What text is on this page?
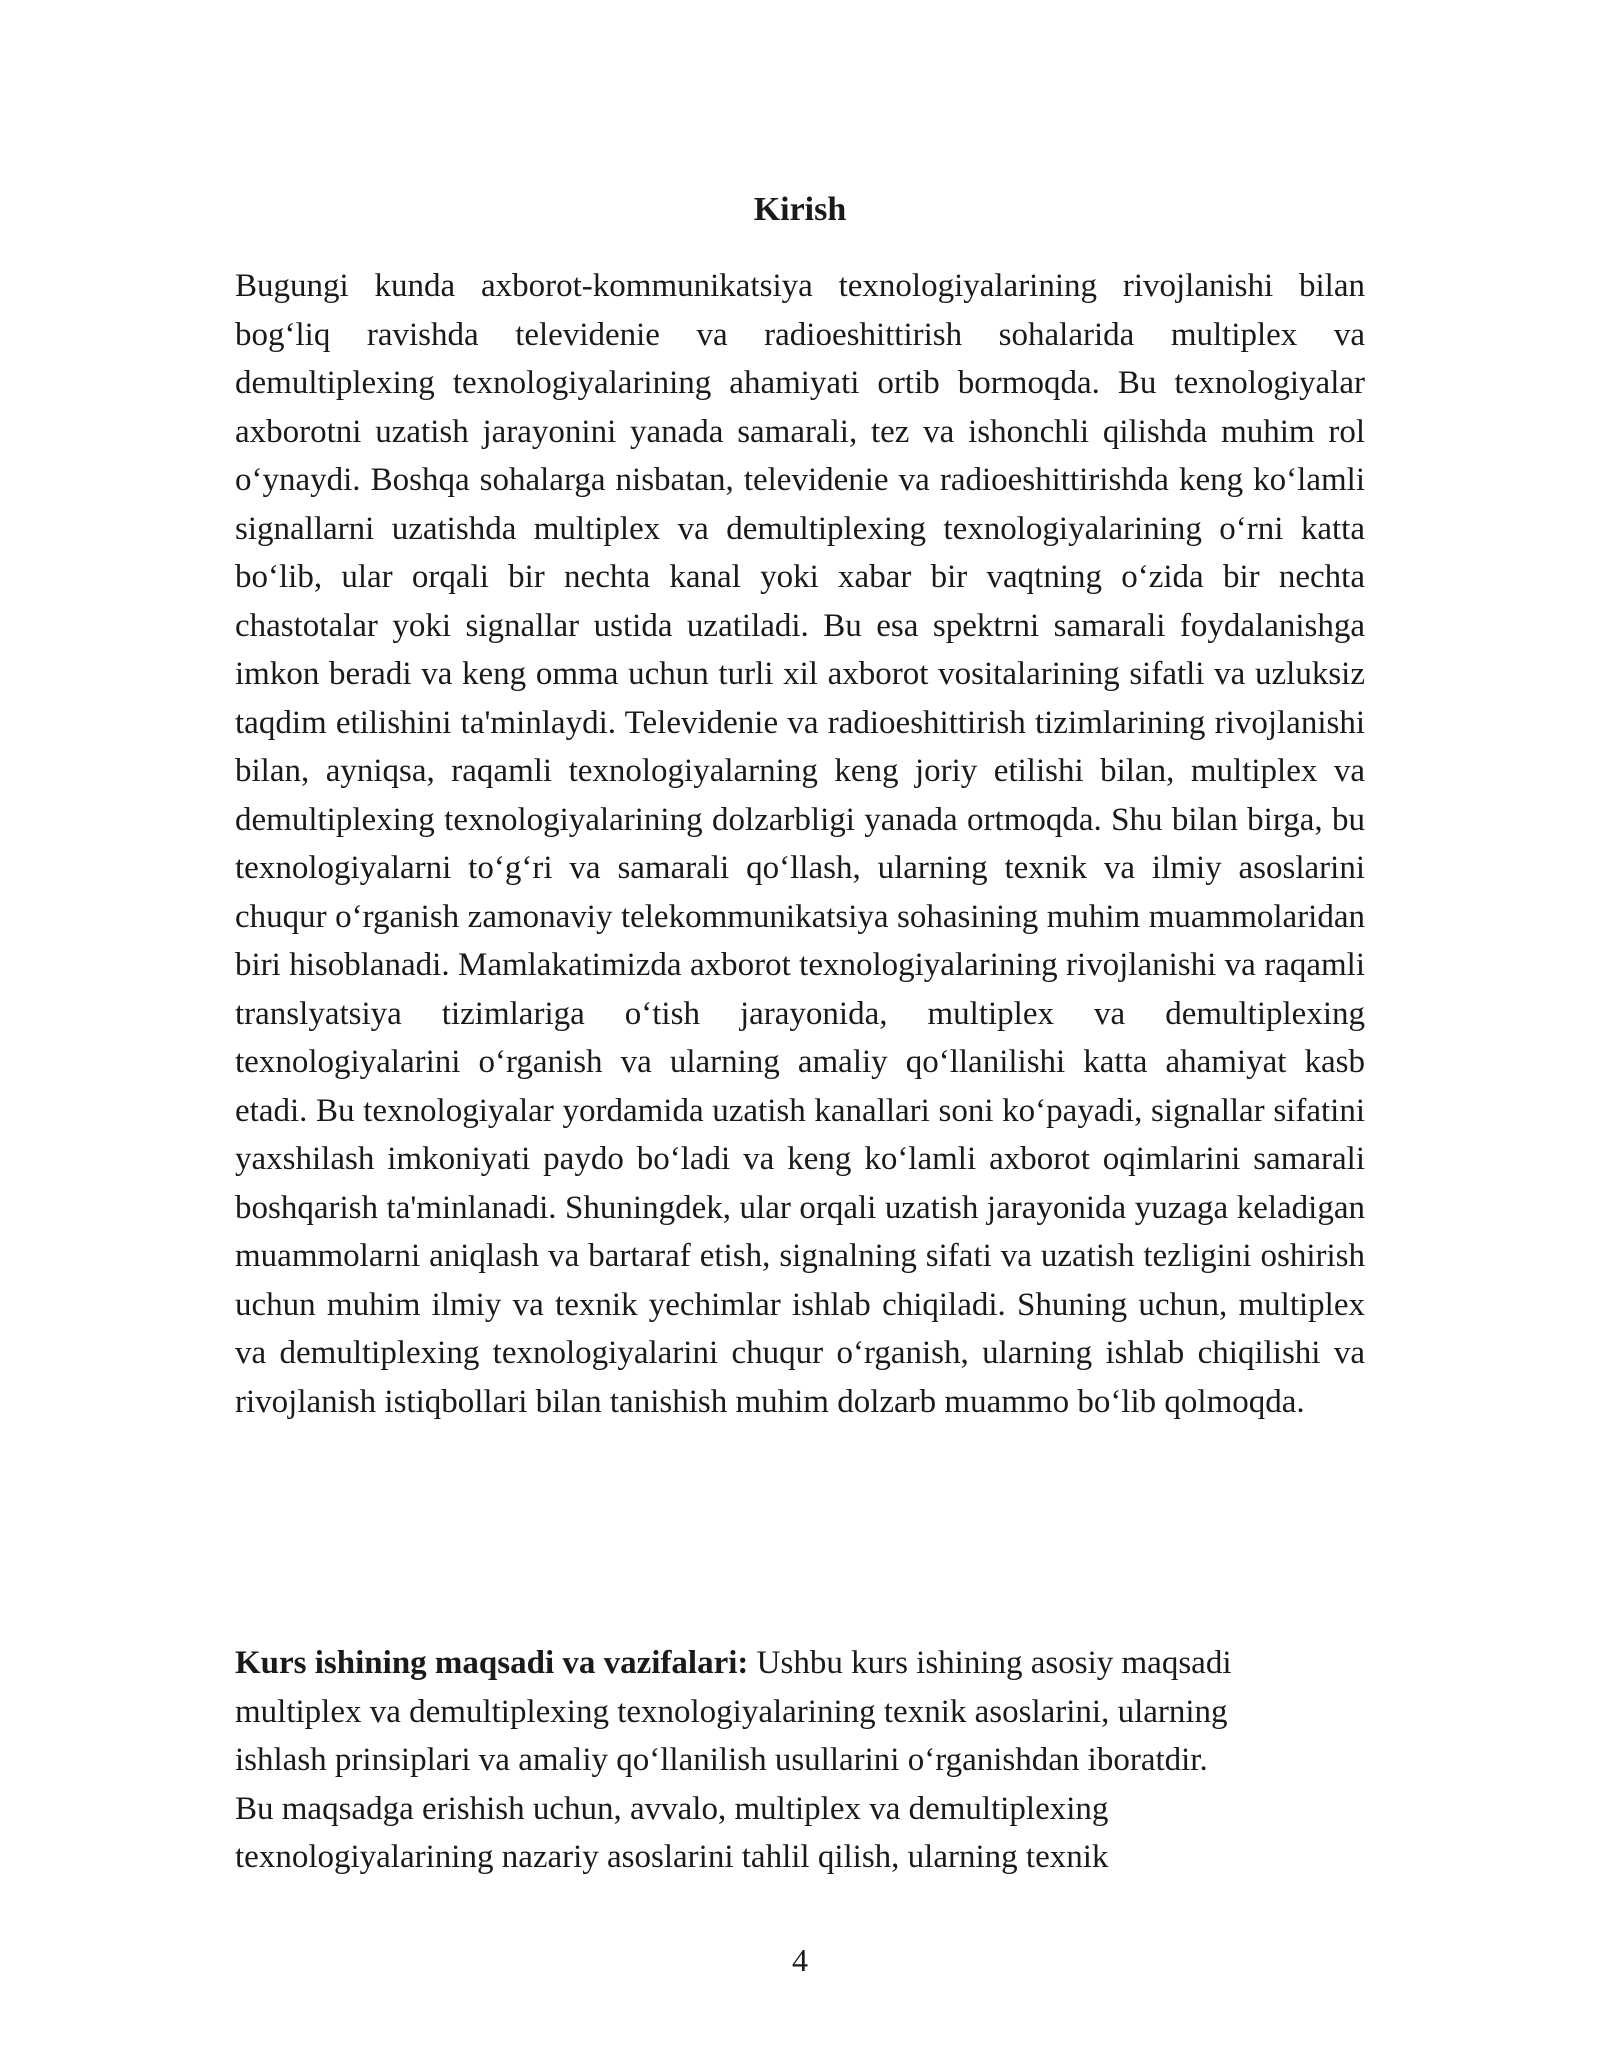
Kirish

Bugungi kunda axborot-kommunikatsiya texnologiyalarining rivojlanishi bilan bog‘liq ravishda televidenie va radioeshittirish sohalarida multiplex va demultiplexing texnologiyalarining ahamiyati ortib bormoqda. Bu texnologiyalar axborotni uzatish jarayonini yanada samarali, tez va ishonchli qilishda muhim rol o‘ynaydi. Boshqa sohalarga nisbatan, televidenie va radioeshittirishda keng ko‘lamli signallarni uzatishda multiplex va demultiplexing texnologiyalarining o‘rni katta bo‘lib, ular orqali bir nechta kanal yoki xabar bir vaqtning o‘zida bir nechta chastotalar yoki signallar ustida uzatiladi. Bu esa spektrni samarali foydalanishga imkon beradi va keng omma uchun turli xil axborot vositalarining sifatli va uzluksiz taqdim etilishini ta'minlaydi. Televidenie va radioeshittirish tizimlarining rivojlanishi bilan, ayniqsa, raqamli texnologiyalarning keng joriy etilishi bilan, multiplex va demultiplexing texnologiyalarining dolzarbligi yanada ortmoqda. Shu bilan birga, bu texnologiyalarni to‘g‘ri va samarali qo‘llash, ularning texnik va ilmiy asoslarini chuqur o‘rganish zamonaviy telekommunikatsiya sohasining muhim muammolaridan biri hisoblanadi. Mamlakatimizda axborot texnologiyalarining rivojlanishi va raqamli translyatsiya tizimlariga o‘tish jarayonida, multiplex va demultiplexing texnologiyalarini o‘rganish va ularning amaliy qo‘llanilishi katta ahamiyat kasb etadi. Bu texnologiyalar yordamida uzatish kanallari soni ko‘payadi, signallar sifatini yaxshilash imkoniyati paydo bo‘ladi va keng ko‘lamli axborot oqimlarini samarali boshqarish ta'minlanadi. Shuningdek, ular orqali uzatish jarayonida yuzaga keladigan muammolarni aniqlash va bartaraf etish, signalning sifati va uzatish tezligini oshirish uchun muhim ilmiy va texnik yechimlar ishlab chiqiladi. Shuning uchun, multiplex va demultiplexing texnologiyalarini chuqur o‘rganish, ularning ishlab chiqilishi va rivojlanish istiqbollari bilan tanishish muhim dolzarb muammo bo‘lib qolmoqda.

Kurs ishining maqsadi va vazifalari: Ushbu kurs ishining asosiy maqsadi
multiplex va demultiplexing texnologiyalarining texnik asoslarini, ularning
ishlash prinsiplari va amaliy qo‘llanilish usullarini o‘rganishdan iboratdir.
Bu maqsadga erishish uchun, avvalo, multiplex va demultiplexing
texnologiyalarining nazariy asoslarini tahlil qilish, ularning texnik

4
